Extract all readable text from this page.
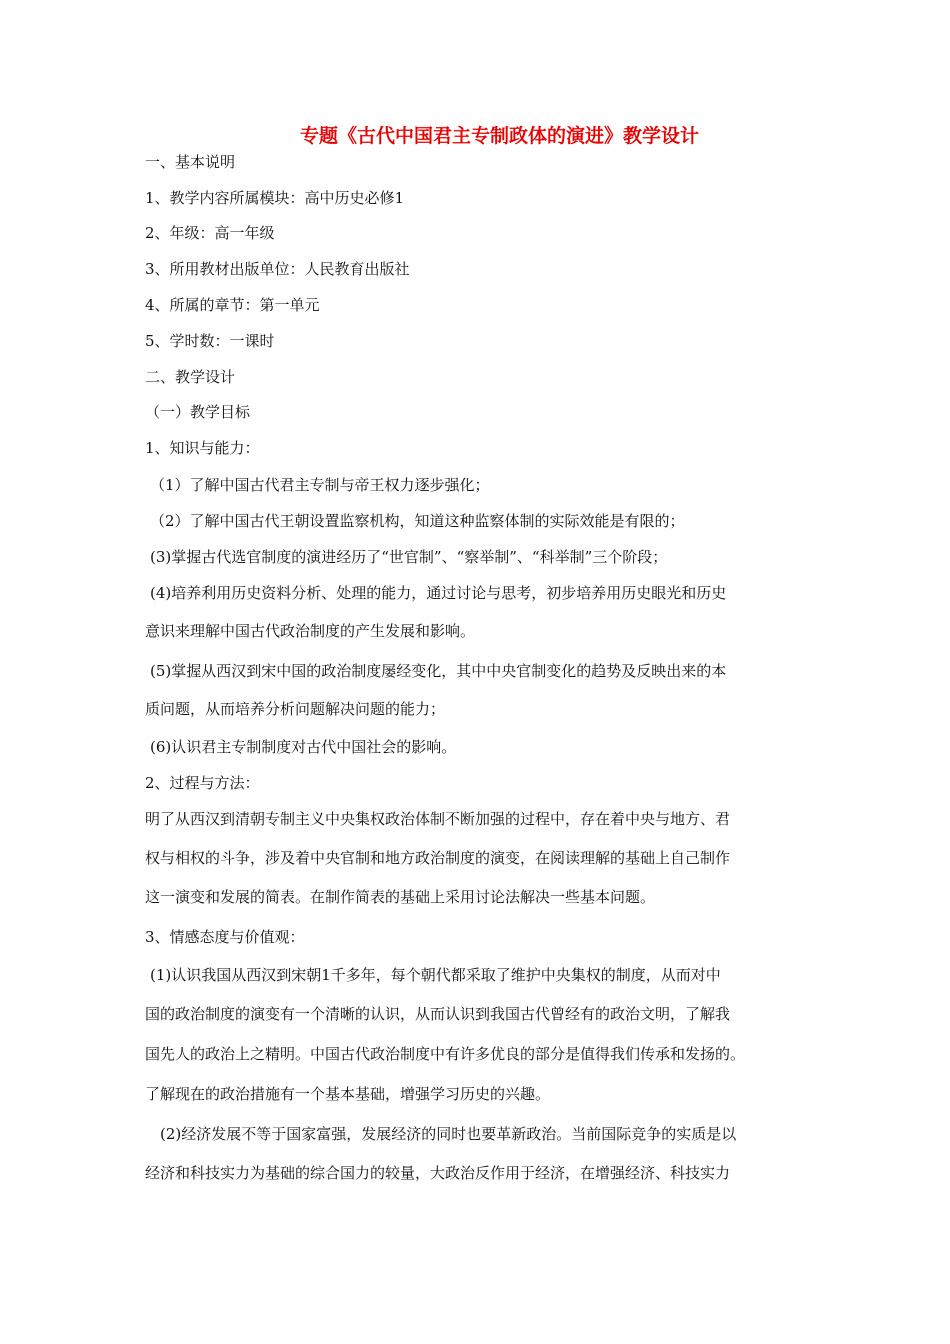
专题《古代中国君主专制政体的演进》教学设计
一、基本说明
1、教学内容所属模块：高中历史必修1
2、年级：高一年级
3、所用教材出版单位：人民教育出版社
4、所属的章节：第一单元
5、学时数：一课时
二、教学设计
（一）教学目标
1、知识与能力：
（1）了解中国古代君主专制与帝王权力逐步强化；
（2）了解中国古代王朝设置监察机构，知道这种监察体制的实际效能是有限的；
(3)掌握古代选官制度的演进经历了“世官制”、“察举制”、“科举制”三个阶段；
(4)培养利用历史资料分析、处理的能力，通过讨论与思考，初步培养用历史眼光和历史
意识来理解中国古代政治制度的产生发展和影响。
(5)掌握从西汉到宋中国的政治制度屡经变化，其中中央官制变化的趋势及反映出来的本
质问题，从而培养分析问题解决问题的能力；
(6)认识君主专制制度对古代中国社会的影响。
2、过程与方法：
明了从西汉到清朝专制主义中央集权政治体制不断加强的过程中，存在着中央与地方、君
权与相权的斗争，涉及着中央官制和地方政治制度的演变，在阅读理解的基础上自己制作
这一演变和发展的简表。在制作简表的基础上采用讨论法解决一些基本问题。
3、情感态度与价值观：
(1)认识我国从西汉到宋朝1千多年，每个朝代都采取了维护中央集权的制度，从而对中
国的政治制度的演变有一个清晰的认识，从而认识到我国古代曾经有的政治文明，了解我
国先人的政治上之精明。中国古代政治制度中有许多优良的部分是值得我们传承和发扬的。
了解现在的政治措施有一个基本基础，增强学习历史的兴趣。
(2)经济发展不等于国家富强，发展经济的同时也要革新政治。当前国际竞争的实质是以
经济和科技实力为基础的综合国力的较量，大政治反作用于经济，在增强经济、科技实力
